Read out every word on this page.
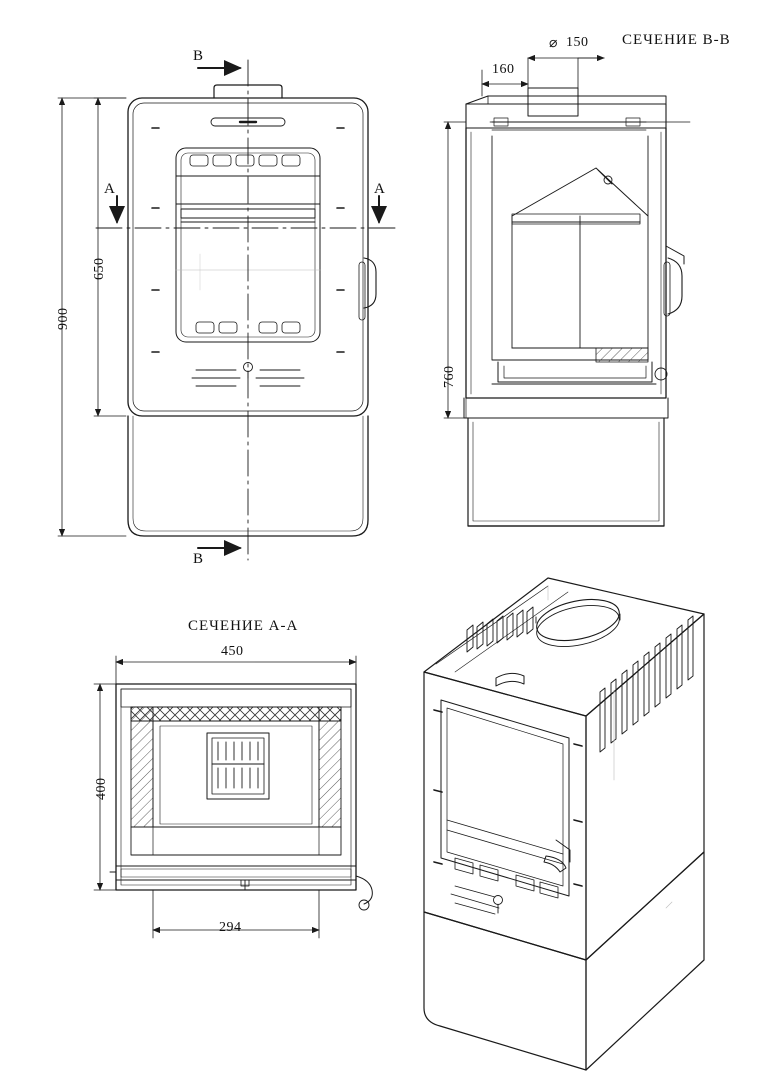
В
В
A	A
900
650
СЕЧЕНИЕ В-В
⌀ 150
160
760
СЕЧЕНИЕ А-А
450
400
294
